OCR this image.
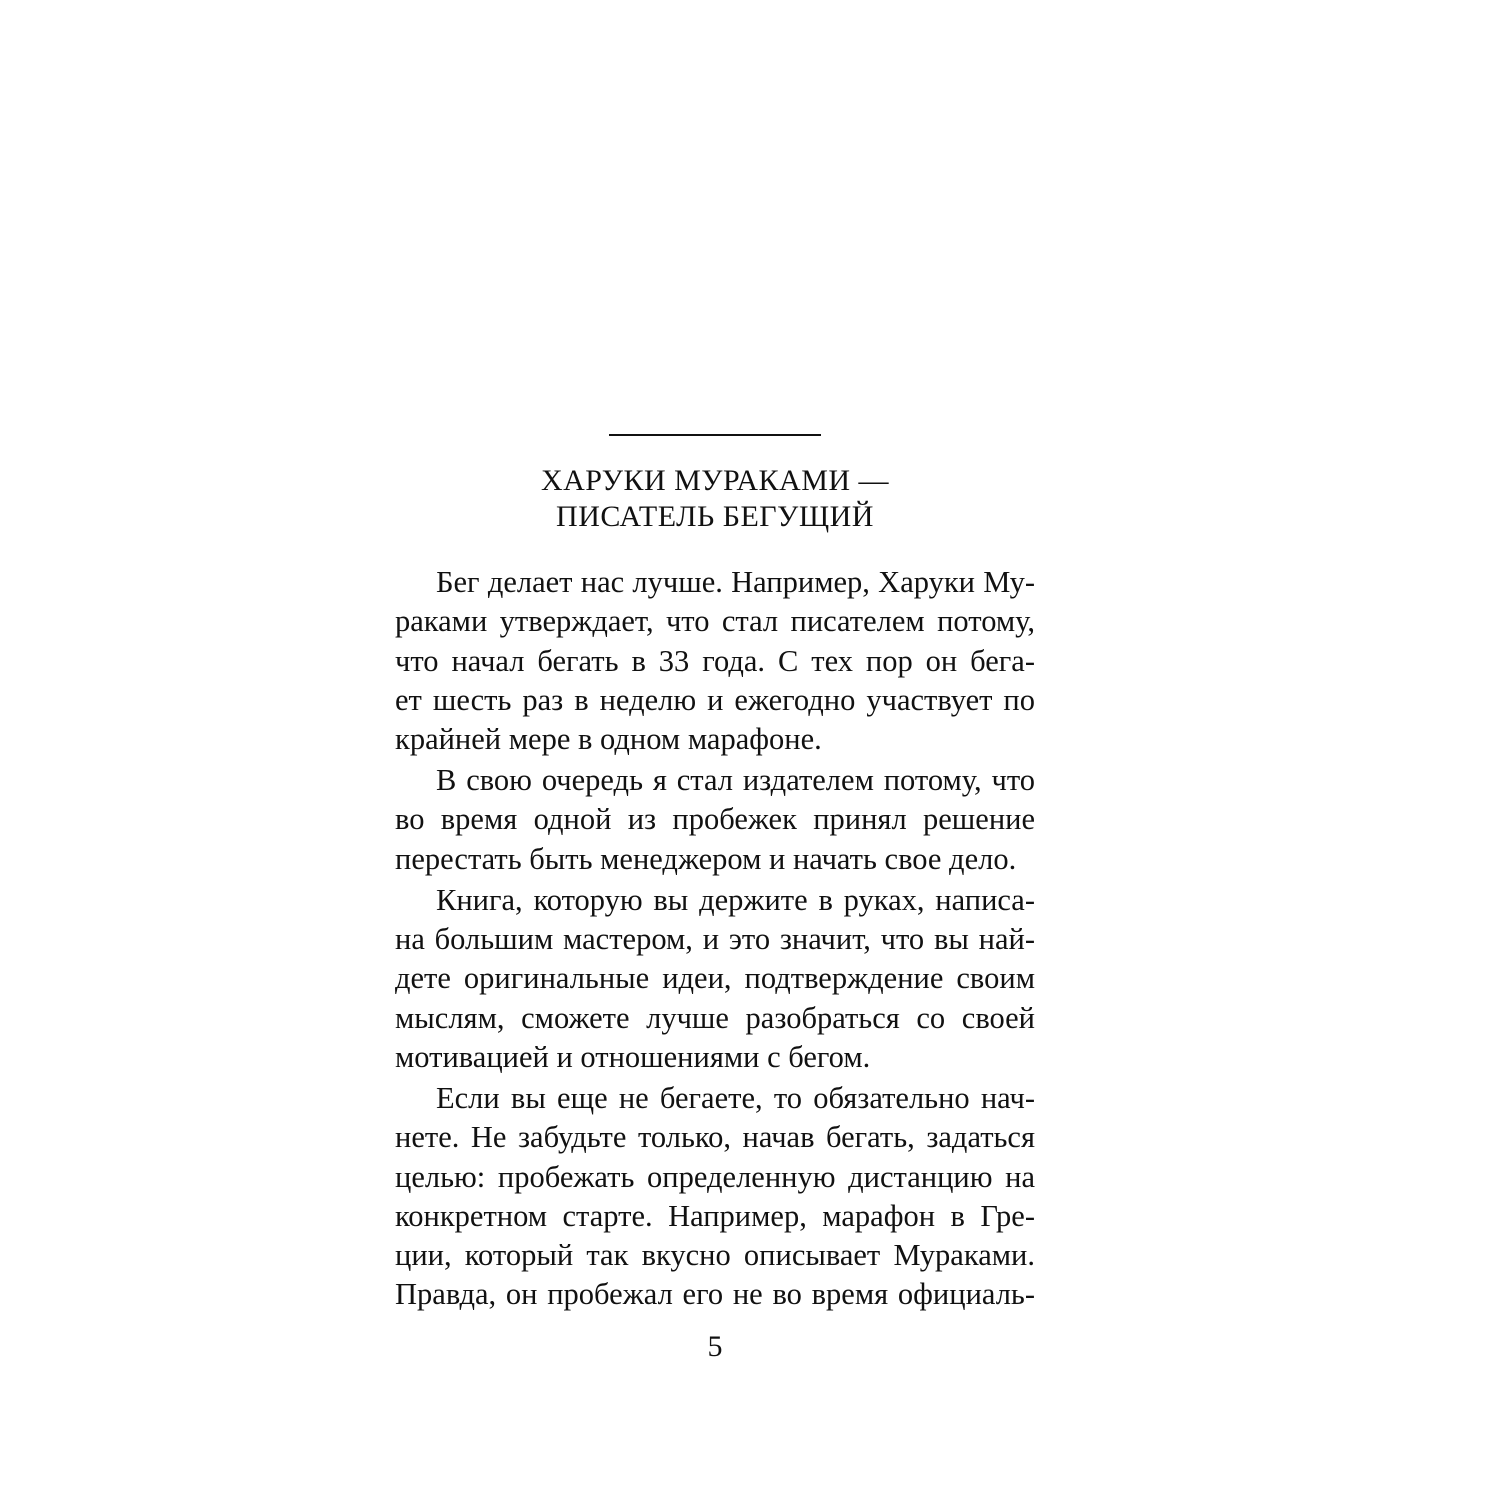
ХАРУКИ МУРАКАМИ —
ПИСАТЕЛЬ БЕГУЩИЙ

Бег делает нас лучше. Например, Харуки Му-
раками утверждает, что стал писателем потому,
что начал бегать в 33 года. С тех пор он бега-
ет шесть раз в неделю и ежегодно участвует по
крайней мере в одном марафоне.

В свою очередь я стал издателем потому, что
во время одной из пробежек принял решение
перестать быть менеджером и начать свое дело.

Книга, которую вы держите в руках, написа-
на большим мастером, и это значит, что вы най-
дете оригинальные идеи, подтверждение своим
мыслям, сможете лучше разобраться со своей
мотивацией и отношениями с бегом.

Если вы еще не бегаете, то обязательно нач-
нете. Не забудьте только, начав бегать, задаться
целью: пробежать определенную дистанцию на
конкретном старте. Например, марафон в Гре-
ции, который так вкусно описывает Мураками.
Правда, он пробежал его не во время официаль-

5
